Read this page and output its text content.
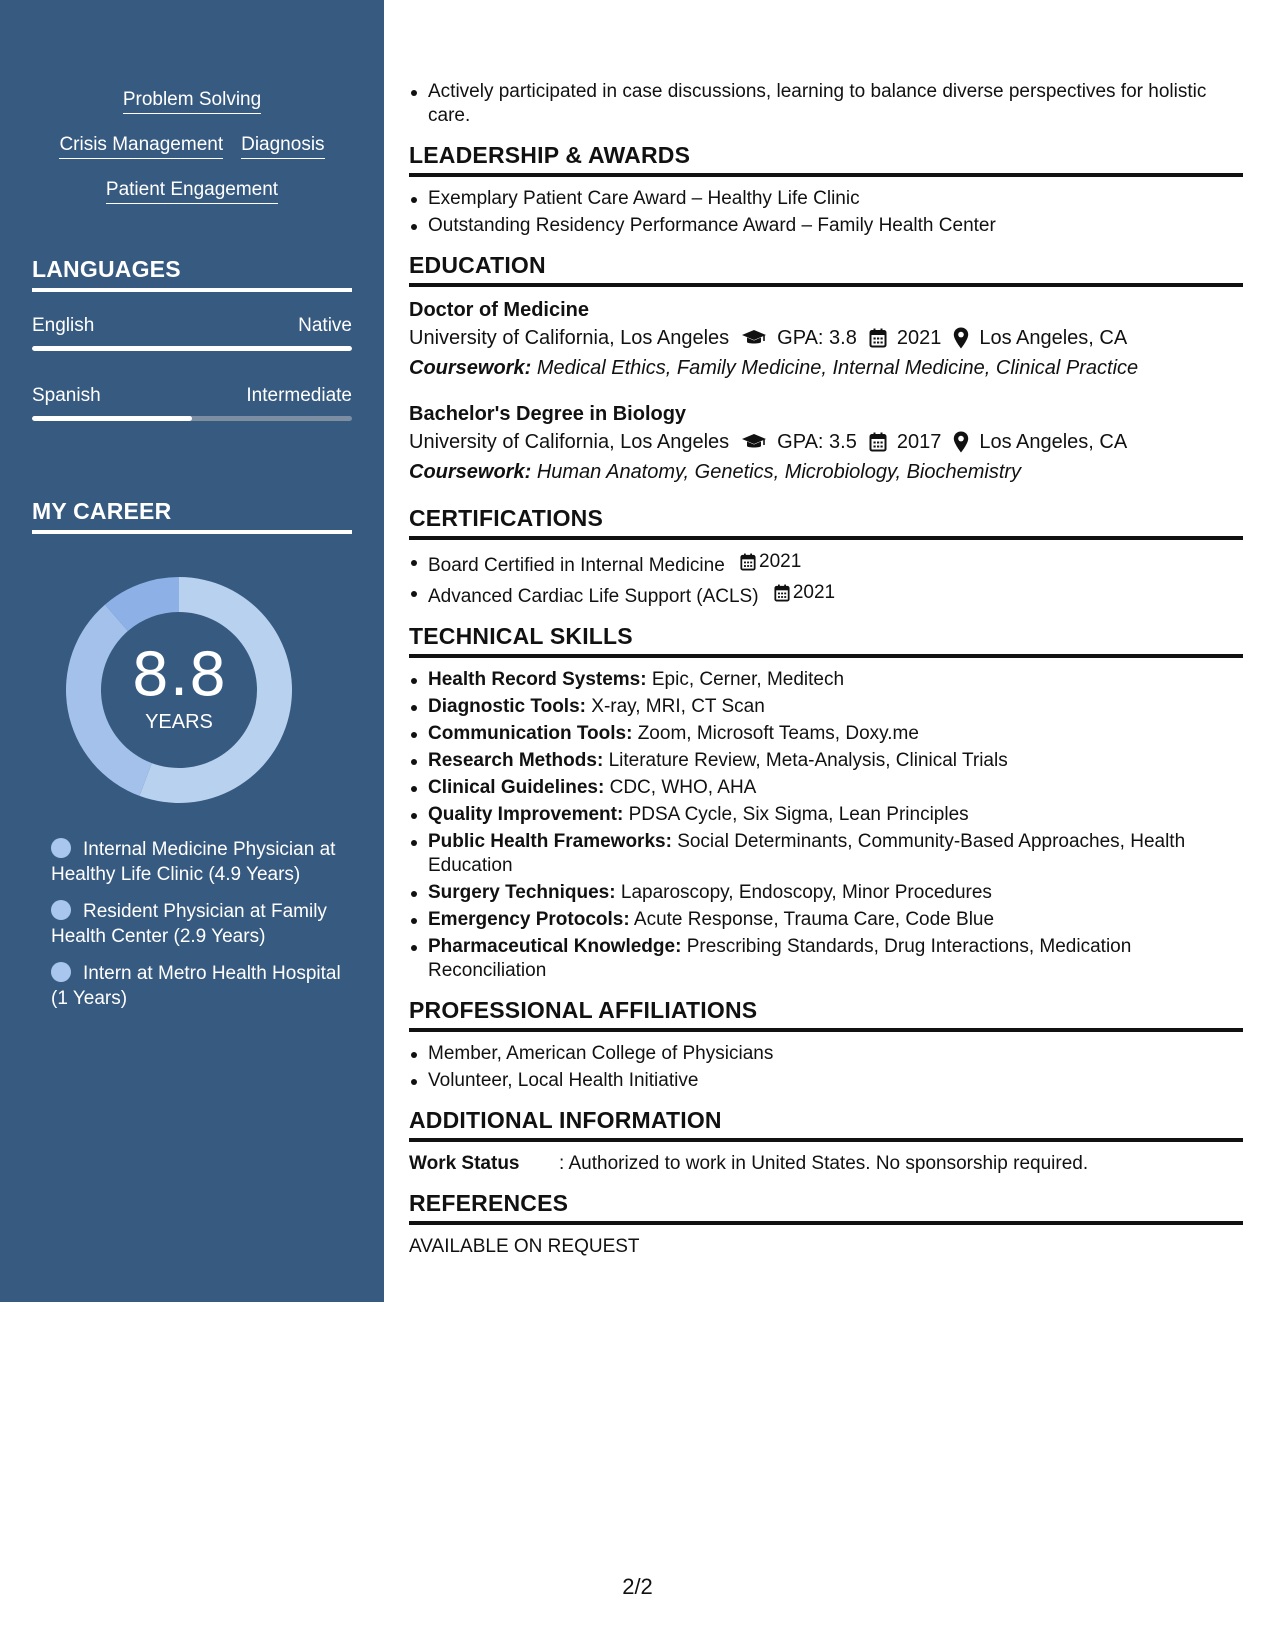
Problem Solving
Crisis Management Diagnosis
Patient Engagement
LANGUAGES
English	Native
Spanish	Intermediate
MY CAREER
8.8
YEARS
Internal Medicine Physician at Healthy Life Clinic (4.9 Years)
Resident Physician at Family Health Center (2.9 Years)
Intern at Metro Health Hospital (1 Years)
Actively participated in case discussions, learning to balance diverse perspectives for holistic care.
LEADERSHIP & AWARDS
Exemplary Patient Care Award – Healthy Life Clinic
Outstanding Residency Performance Award – Family Health Center
EDUCATION
Doctor of Medicine
University of California, Los Angeles GPA: 3.8 2021 Los Angeles, CA
Coursework: Medical Ethics, Family Medicine, Internal Medicine, Clinical Practice
Bachelor's Degree in Biology
University of California, Los Angeles GPA: 3.5 2017 Los Angeles, CA
Coursework: Human Anatomy, Genetics, Microbiology, Biochemistry
CERTIFICATIONS
Board Certified in Internal Medicine 2021
Advanced Cardiac Life Support (ACLS) 2021
TECHNICAL SKILLS
Health Record Systems: Epic, Cerner, Meditech
Diagnostic Tools: X-ray, MRI, CT Scan
Communication Tools: Zoom, Microsoft Teams, Doxy.me
Research Methods: Literature Review, Meta-Analysis, Clinical Trials
Clinical Guidelines: CDC, WHO, AHA
Quality Improvement: PDSA Cycle, Six Sigma, Lean Principles
Public Health Frameworks: Social Determinants, Community-Based Approaches, Health Education
Surgery Techniques: Laparoscopy, Endoscopy, Minor Procedures
Emergency Protocols: Acute Response, Trauma Care, Code Blue
Pharmaceutical Knowledge: Prescribing Standards, Drug Interactions, Medication Reconciliation
PROFESSIONAL AFFILIATIONS
Member, American College of Physicians
Volunteer, Local Health Initiative
ADDITIONAL INFORMATION
Work Status	: Authorized to work in United States. No sponsorship required.
REFERENCES
AVAILABLE ON REQUEST
2/2
